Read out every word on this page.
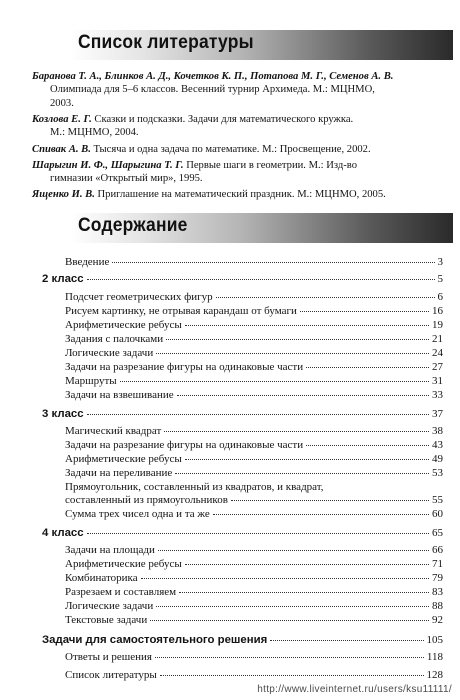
Список литературы
Баранова Т. А., Блинков А. Д., Кочетков К. П., Потапова М. Г., Семенов А. В.
Олимпиада для 5–6 классов. Весенний турнир Архимеда. М.: МЦНМО,
2003.
Козлова Е. Г. Сказки и подсказки. Задачи для математического кружка.
М.: МЦНМО, 2004.
Спивак А. В. Тысяча и одна задача по математике. М.: Просвещение, 2002.
Шарыгин И. Ф., Шарыгина Т. Г. Первые шаги в геометрии. М.: Изд-во
гимназии «Открытый мир», 1995.
Ященко И. В. Приглашение на математический праздник. М.: МЦНМО, 2005.
Содержание
Введение	3
2 класс	5
Подсчет геометрических фигур	6
Рисуем картинку, не отрывая карандаш от бумаги	16
Арифметические ребусы	19
Задания с палочками	21
Логические задачи	24
Задачи на разрезание фигуры на одинаковые части	27
Маршруты	31
Задачи на взвешивание	33
3 класс	37
Магический квадрат	38
Задачи на разрезание фигуры на одинаковые части	43
Арифметические ребусы	49
Задачи на переливание	53
Прямоугольник, составленный из квадратов, и квадрат,
составленный из прямоугольников	55
Сумма трех чисел одна и та же	60
4 класс	65
Задачи на площади	66
Арифметические ребусы	71
Комбинаторика	79
Разрезаем и составляем	83
Логические задачи	88
Текстовые задачи	92
Задачи для самостоятельного решения	105
Ответы и решения	118
Список литературы	128
http://www.liveinternet.ru/users/ksu11111/
